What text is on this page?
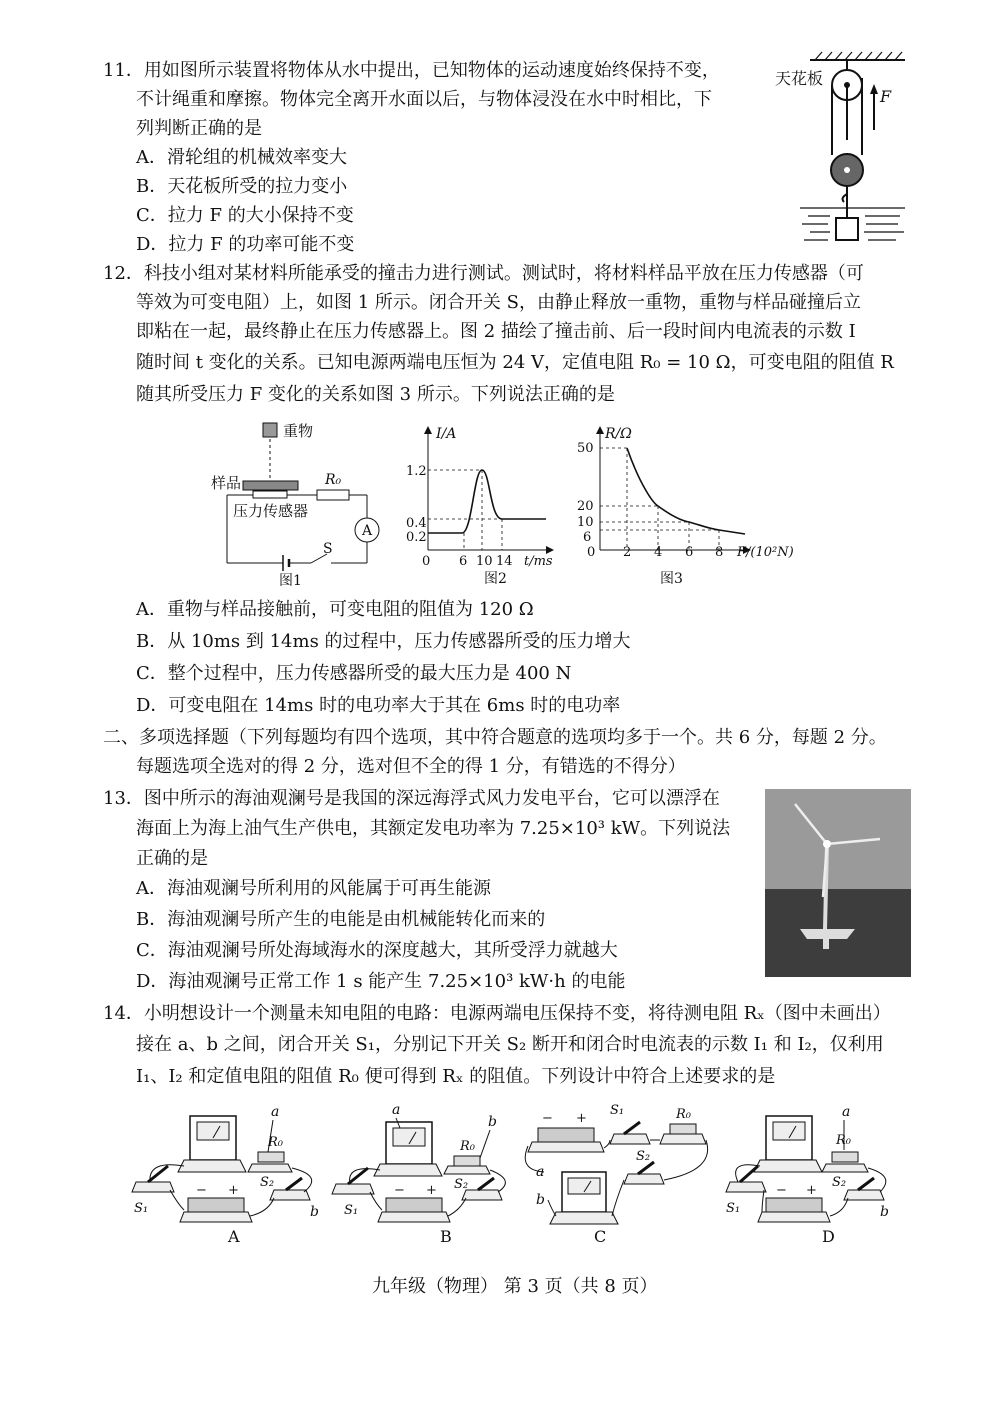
11．用如图所示装置将物体从水中提出，已知物体的运动速度始终保持不变，
不计绳重和摩擦。物体完全离开水面以后，与物体浸没在水中时相比，下
列判断正确的是
A．滑轮组的机械效率变大
B．天花板所受的拉力变小
C．拉力 F 的大小保持不变
D．拉力 F 的功率可能不变
天花板
F
12．科技小组对某材料所能承受的撞击力进行测试。测试时，将材料样品平放在压力传感器（可
等效为可变电阻）上，如图 1 所示。闭合开关 S，由静止释放一重物，重物与样品碰撞后立
即粘在一起，最终静止在压力传感器上。图 2 描绘了撞击前、后一段时间内电流表的示数 I
随时间 t 变化的关系。已知电源两端电压恒为 24 V，定值电阻 R₀ = 10 Ω，可变电阻的阻值 R
随其所受压力 F 变化的关系如图 3 所示。下列说法正确的是
重物
样品
压力传感器
R₀
A
S
图1
I/A
1.2
0.4
0.2
0 6 10 14 t/ms
图2
R/Ω
50
20
10
6
0 2 4 6 8 F/(10²N)
图3
A．重物与样品接触前，可变电阻的阻值为 120 Ω
B．从 10ms 到 14ms 的过程中，压力传感器所受的压力增大
C．整个过程中，压力传感器所受的最大压力是 400 N
D．可变电阻在 14ms 时的电功率大于其在 6ms 时的电功率
二、多项选择题（下列每题均有四个选项，其中符合题意的选项均多于一个。共 6 分，每题 2 分。
每题选项全选对的得 2 分，选对但不全的得 1 分，有错选的不得分）
13．图中所示的海油观澜号是我国的深远海浮式风力发电平台，它可以漂浮在
海面上为海上油气生产供电，其额定发电功率为 7.25×10³ kW。下列说法
正确的是
A．海油观澜号所利用的风能属于可再生能源
B．海油观澜号所产生的电能是由机械能转化而来的
C．海油观澜号所处海域海水的深度越大，其所受浮力就越大
D．海油观澜号正常工作 1 s 能产生 7.25×10³ kW·h 的电能
14．小明想设计一个测量未知电阻的电路：电源两端电压保持不变，将待测电阻 Rₓ（图中未画出）
接在 a、b 之间，闭合开关 S₁，分别记下开关 S₂ 断开和闭合时电流表的示数 I₁ 和 I₂，仅利用
I₁、I₂ 和定值电阻的阻值 R₀ 便可得到 Rₓ 的阻值。下列设计中符合上述要求的是
a
R₀
− +
S₁
S₂
b
A
a
b
R₀
− +
S₁
S₂
B
− +
S₁	R₀
S₂
a
b
C
a
R₀
− +
S₁
S₂
b
D
九年级（物理） 第 3 页（共 8 页）
